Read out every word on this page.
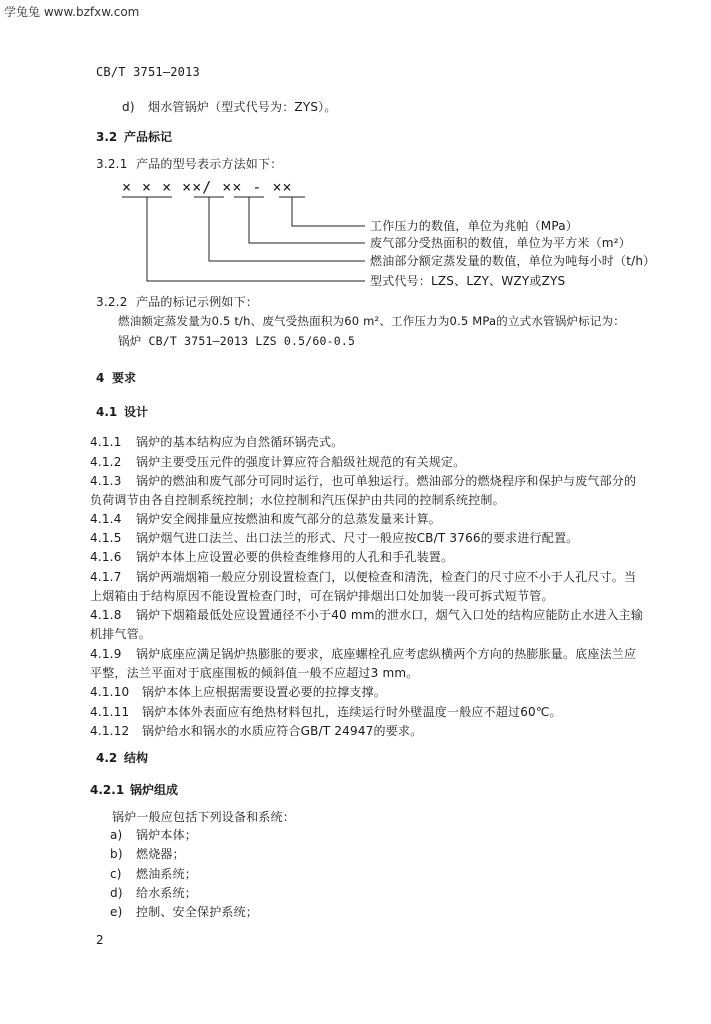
学兔兔 www.bzfxw.com
CB/T 3751—2013
d) 烟水管锅炉（型式代号为：ZYS）。
3.2 产品标记
3.2.1 产品的型号表示方法如下：
× × × ××/ ×× - ××
工作压力的数值，单位为兆帕（MPa）
废气部分受热面积的数值，单位为平方米（m²）
燃油部分额定蒸发量的数值，单位为吨每小时（t/h）
型式代号：LZS、LZY、WZY或ZYS
3.2.2 产品的标记示例如下：
燃油额定蒸发量为0.5 t/h、废气受热面积为60 m²、工作压力为0.5 MPa的立式水管锅炉标记为：
锅炉 CB/T 3751—2013 LZS 0.5/60-0.5
4 要求
4.1 设计
4.1.1 锅炉的基本结构应为自然循环锅壳式。
4.1.2 锅炉主要受压元件的强度计算应符合船级社规范的有关规定。
4.1.3 锅炉的燃油和废气部分可同时运行，也可单独运行。燃油部分的燃烧程序和保护与废气部分的
负荷调节由各自控制系统控制；水位控制和汽压保护由共同的控制系统控制。
4.1.4 锅炉安全阀排量应按燃油和废气部分的总蒸发量来计算。
4.1.5 锅炉烟气进口法兰、出口法兰的形式、尺寸一般应按CB/T 3766的要求进行配置。
4.1.6 锅炉本体上应设置必要的供检查维修用的人孔和手孔装置。
4.1.7 锅炉两端烟箱一般应分别设置检查门，以便检查和清洗，检查门的尺寸应不小于人孔尺寸。当
上烟箱由于结构原因不能设置检查门时，可在锅炉排烟出口处加装一段可拆式短节管。
4.1.8 锅炉下烟箱最低处应设置通径不小于40 mm的泄水口，烟气入口处的结构应能防止水进入主输
机排气管。
4.1.9 锅炉底座应满足锅炉热膨胀的要求，底座螺栓孔应考虑纵横两个方向的热膨胀量。底座法兰应
平整，法兰平面对于底座围板的倾斜值一般不应超过3 mm。
4.1.10 锅炉本体上应根据需要设置必要的拉撑支撑。
4.1.11 锅炉本体外表面应有绝热材料包扎，连续运行时外壁温度一般应不超过60℃。
4.1.12 锅炉给水和锅水的水质应符合GB/T 24947的要求。
4.2 结构
4.2.1 锅炉组成
锅炉一般应包括下列设备和系统：
a) 锅炉本体；
b) 燃烧器；
c) 燃油系统；
d) 给水系统；
e) 控制、安全保护系统；
2
